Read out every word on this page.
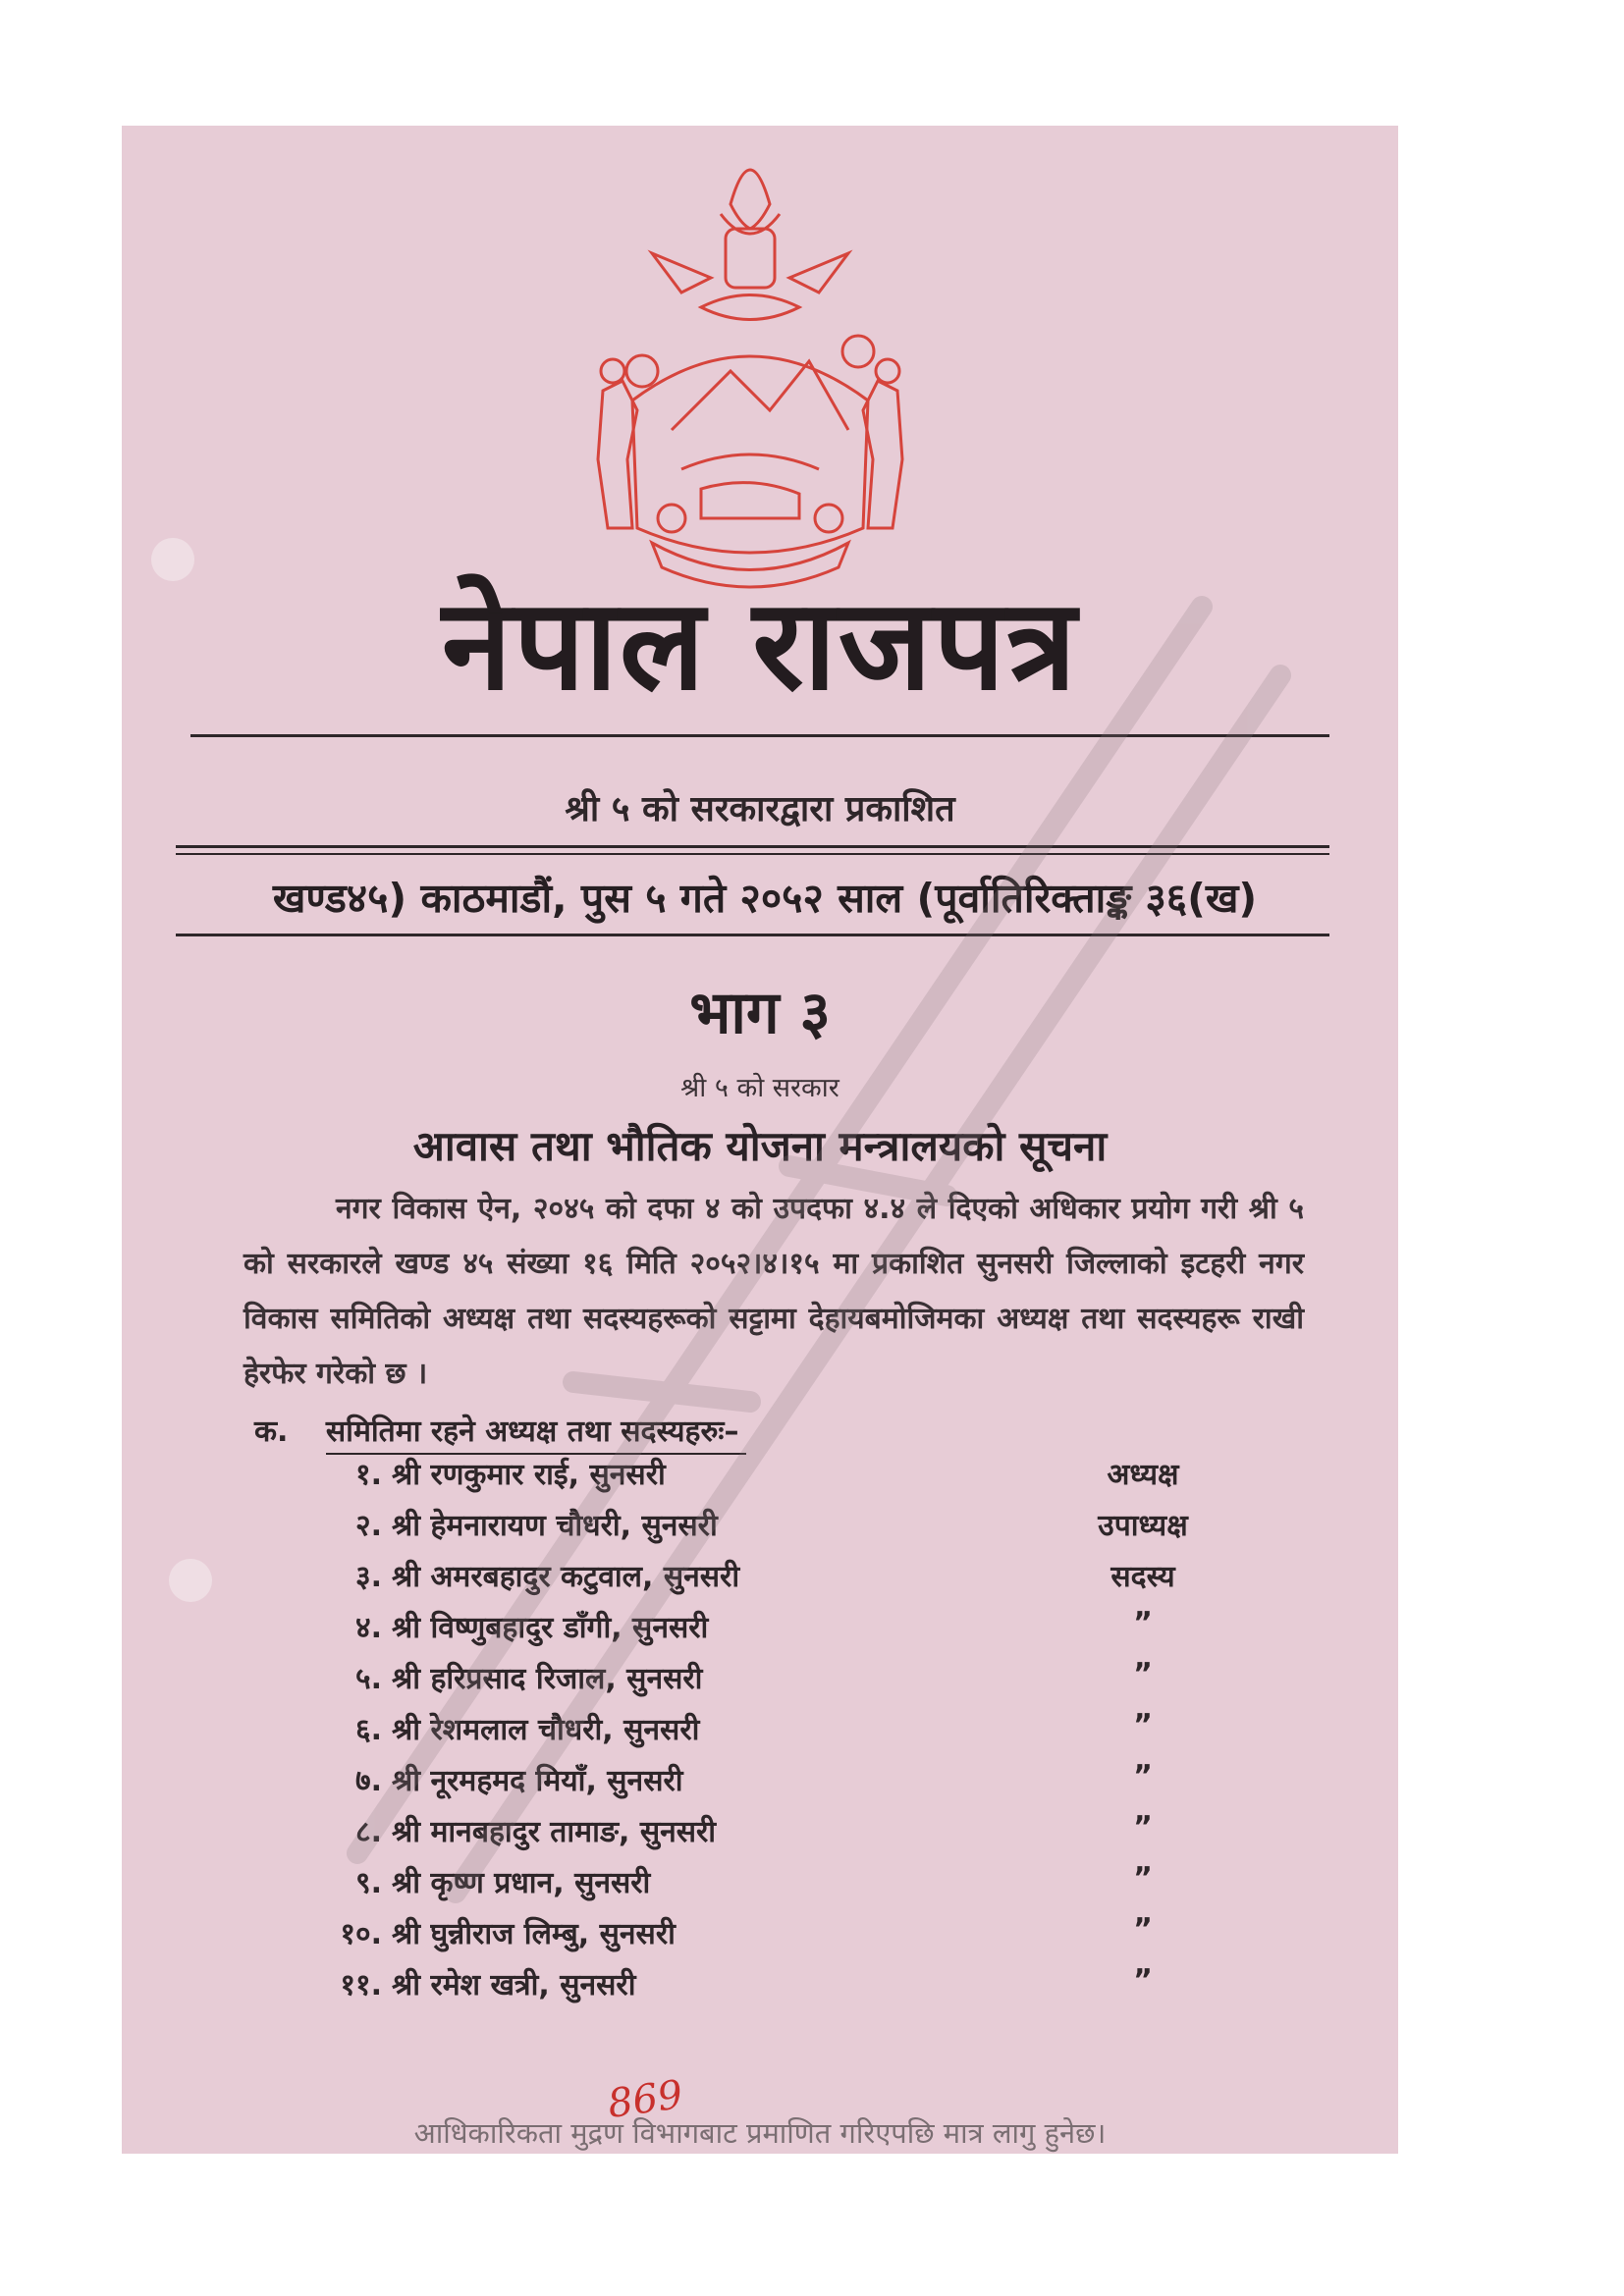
नेपाल राजपत्र
श्री ५ को सरकारद्वारा प्रकाशित
खण्ड४५) काठमाडौं, पुस ५ गते २०५२ साल (पूर्वातिरिक्ताङ्क ३६(ख)
भाग ३
श्री ५ को सरकार
आवास तथा भौतिक योजना मन्त्रालयको सूचना
नगर विकास ऐन, २०४५ को दफा ४ को उपदफा ४.४ ले दिएको अधिकार प्रयोग गरी श्री ५ को सरकारले खण्ड ४५ संख्या १६ मिति २०५२।४।१५ मा प्रकाशित सुनसरी जिल्लाको इटहरी नगर विकास समितिको अध्यक्ष तथा सदस्यहरूको सट्टामा देहायबमोजिमका अध्यक्ष तथा सदस्यहरू राखी हेरफेर गरेको छ ।
क. समितिमा रहने अध्यक्ष तथा सदस्यहरुः–
१. श्री रणकुमार राई, सुनसरी	अध्यक्ष
२. श्री हेमनारायण चौधरी, सुनसरी	उपाध्यक्ष
३. श्री अमरबहादुर कटुवाल, सुनसरी	सदस्य
४. श्री विष्णुबहादुर डाँगी, सुनसरी	”
५. श्री हरिप्रसाद रिजाल, सुनसरी	”
६. श्री रेशमलाल चौधरी, सुनसरी	”
७. श्री नूरमहमद मियाँ, सुनसरी	”
८. श्री मानबहादुर तामाङ, सुनसरी	”
९. श्री कृष्ण प्रधान, सुनसरी	”
१०. श्री घुन्नीराज लिम्बु, सुनसरी	”
११. श्री रमेश खत्री, सुनसरी	”
869
आधिकारिकता मुद्रण विभागबाट प्रमाणित गरिएपछि मात्र लागु हुनेछ।
